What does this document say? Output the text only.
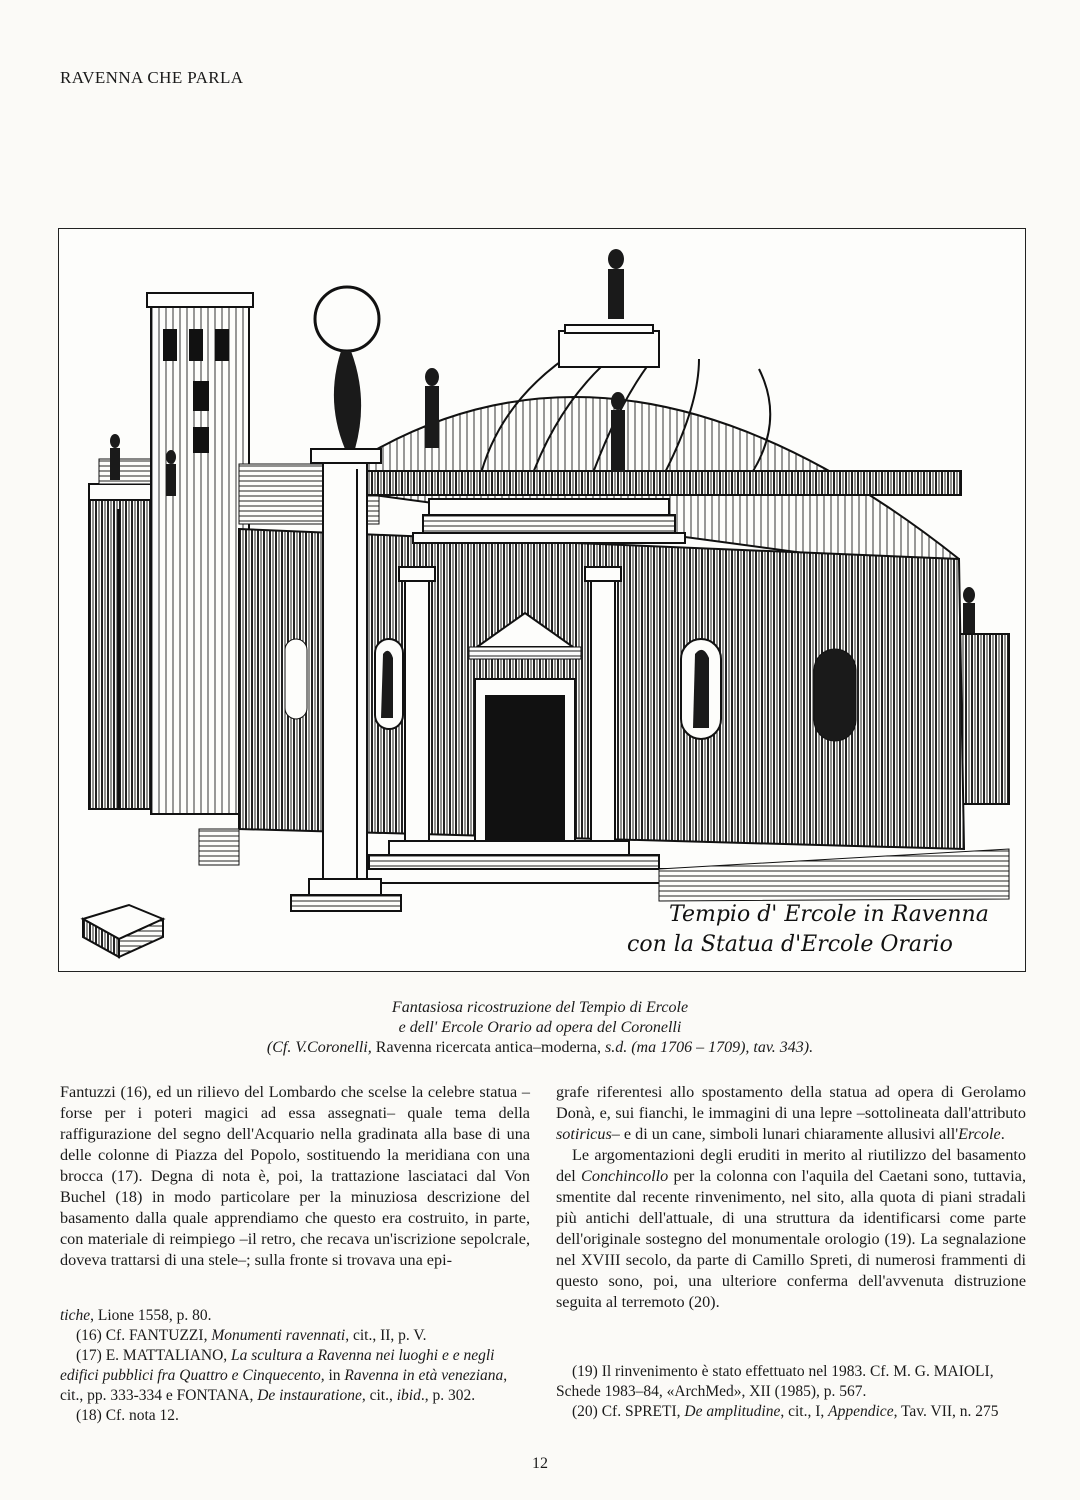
RAVENNA CHE PARLA
Tempio d' Ercole in Ravenna
con la Statua d'Ercole Orario
Fantasiosa ricostruzione del Tempio di Ercole
e dell' Ercole Orario ad opera del Coronelli
(Cf. V.Coronelli, Ravenna ricercata antica–moderna, s.d. (ma 1706 – 1709), tav. 343).

Fantuzzi (16), ed un rilievo del Lombardo che scelse la celebre statua –forse per i poteri magici ad essa assegnati– quale tema della raffigurazione del segno dell'Acquario nella gradinata alla base di una delle colonne di Piazza del Popolo, sostituendo la meridiana con una brocca (17). Degna di nota è, poi, la trattazione lasciataci dal Von Buchel (18) in modo particolare per la minuziosa descrizione del basamento dalla quale apprendiamo che questo era costruito, in parte, con materiale di reimpiego –il retro, che recava un'iscrizione sepolcrale, doveva trattarsi di una stele–; sulla fronte si trovava una epi-

grafe riferentesi allo spostamento della statua ad opera di Gerolamo Donà, e, sui fianchi, le immagini di una lepre –sottolineata dall'attributo sotiricus– e di un cane, simboli lunari chiaramente allusivi all'Ercole.

Le argomentazioni degli eruditi in merito al riutilizzo del basamento del Conchincollo per la colonna con l'aquila del Caetani sono, tuttavia, smentite dal recente rinvenimento, nel sito, alla quota di piani stradali più antichi dell'attuale, di una struttura da identificarsi come parte dell'originale sostegno del monumentale orologio (19). La segnalazione nel XVIII secolo, da parte di Camillo Spreti, di numerosi frammenti di questo sono, poi, una ulteriore conferma dell'avvenuta distruzione seguita al terremoto (20).

tiche, Lione 1558, p. 80.

(16) Cf. FANTUZZI, Monumenti ravennati, cit., II, p. V.

(17) E. MATTALIANO, La scultura a Ravenna nei luoghi e e negli edifici pubblici fra Quattro e Cinquecento, in Ravenna in età veneziana, cit., pp. 333-334 e FONTANA, De instauratione, cit., ibid., p. 302.

(18) Cf. nota 12.

(19) Il rinvenimento è stato effettuato nel 1983. Cf. M. G. MAIOLI, Schede 1983–84, «ArchMed», XII (1985), p. 567.

(20) Cf. SPRETI, De amplitudine, cit., I, Appendice, Tav. VII, n. 275

12
